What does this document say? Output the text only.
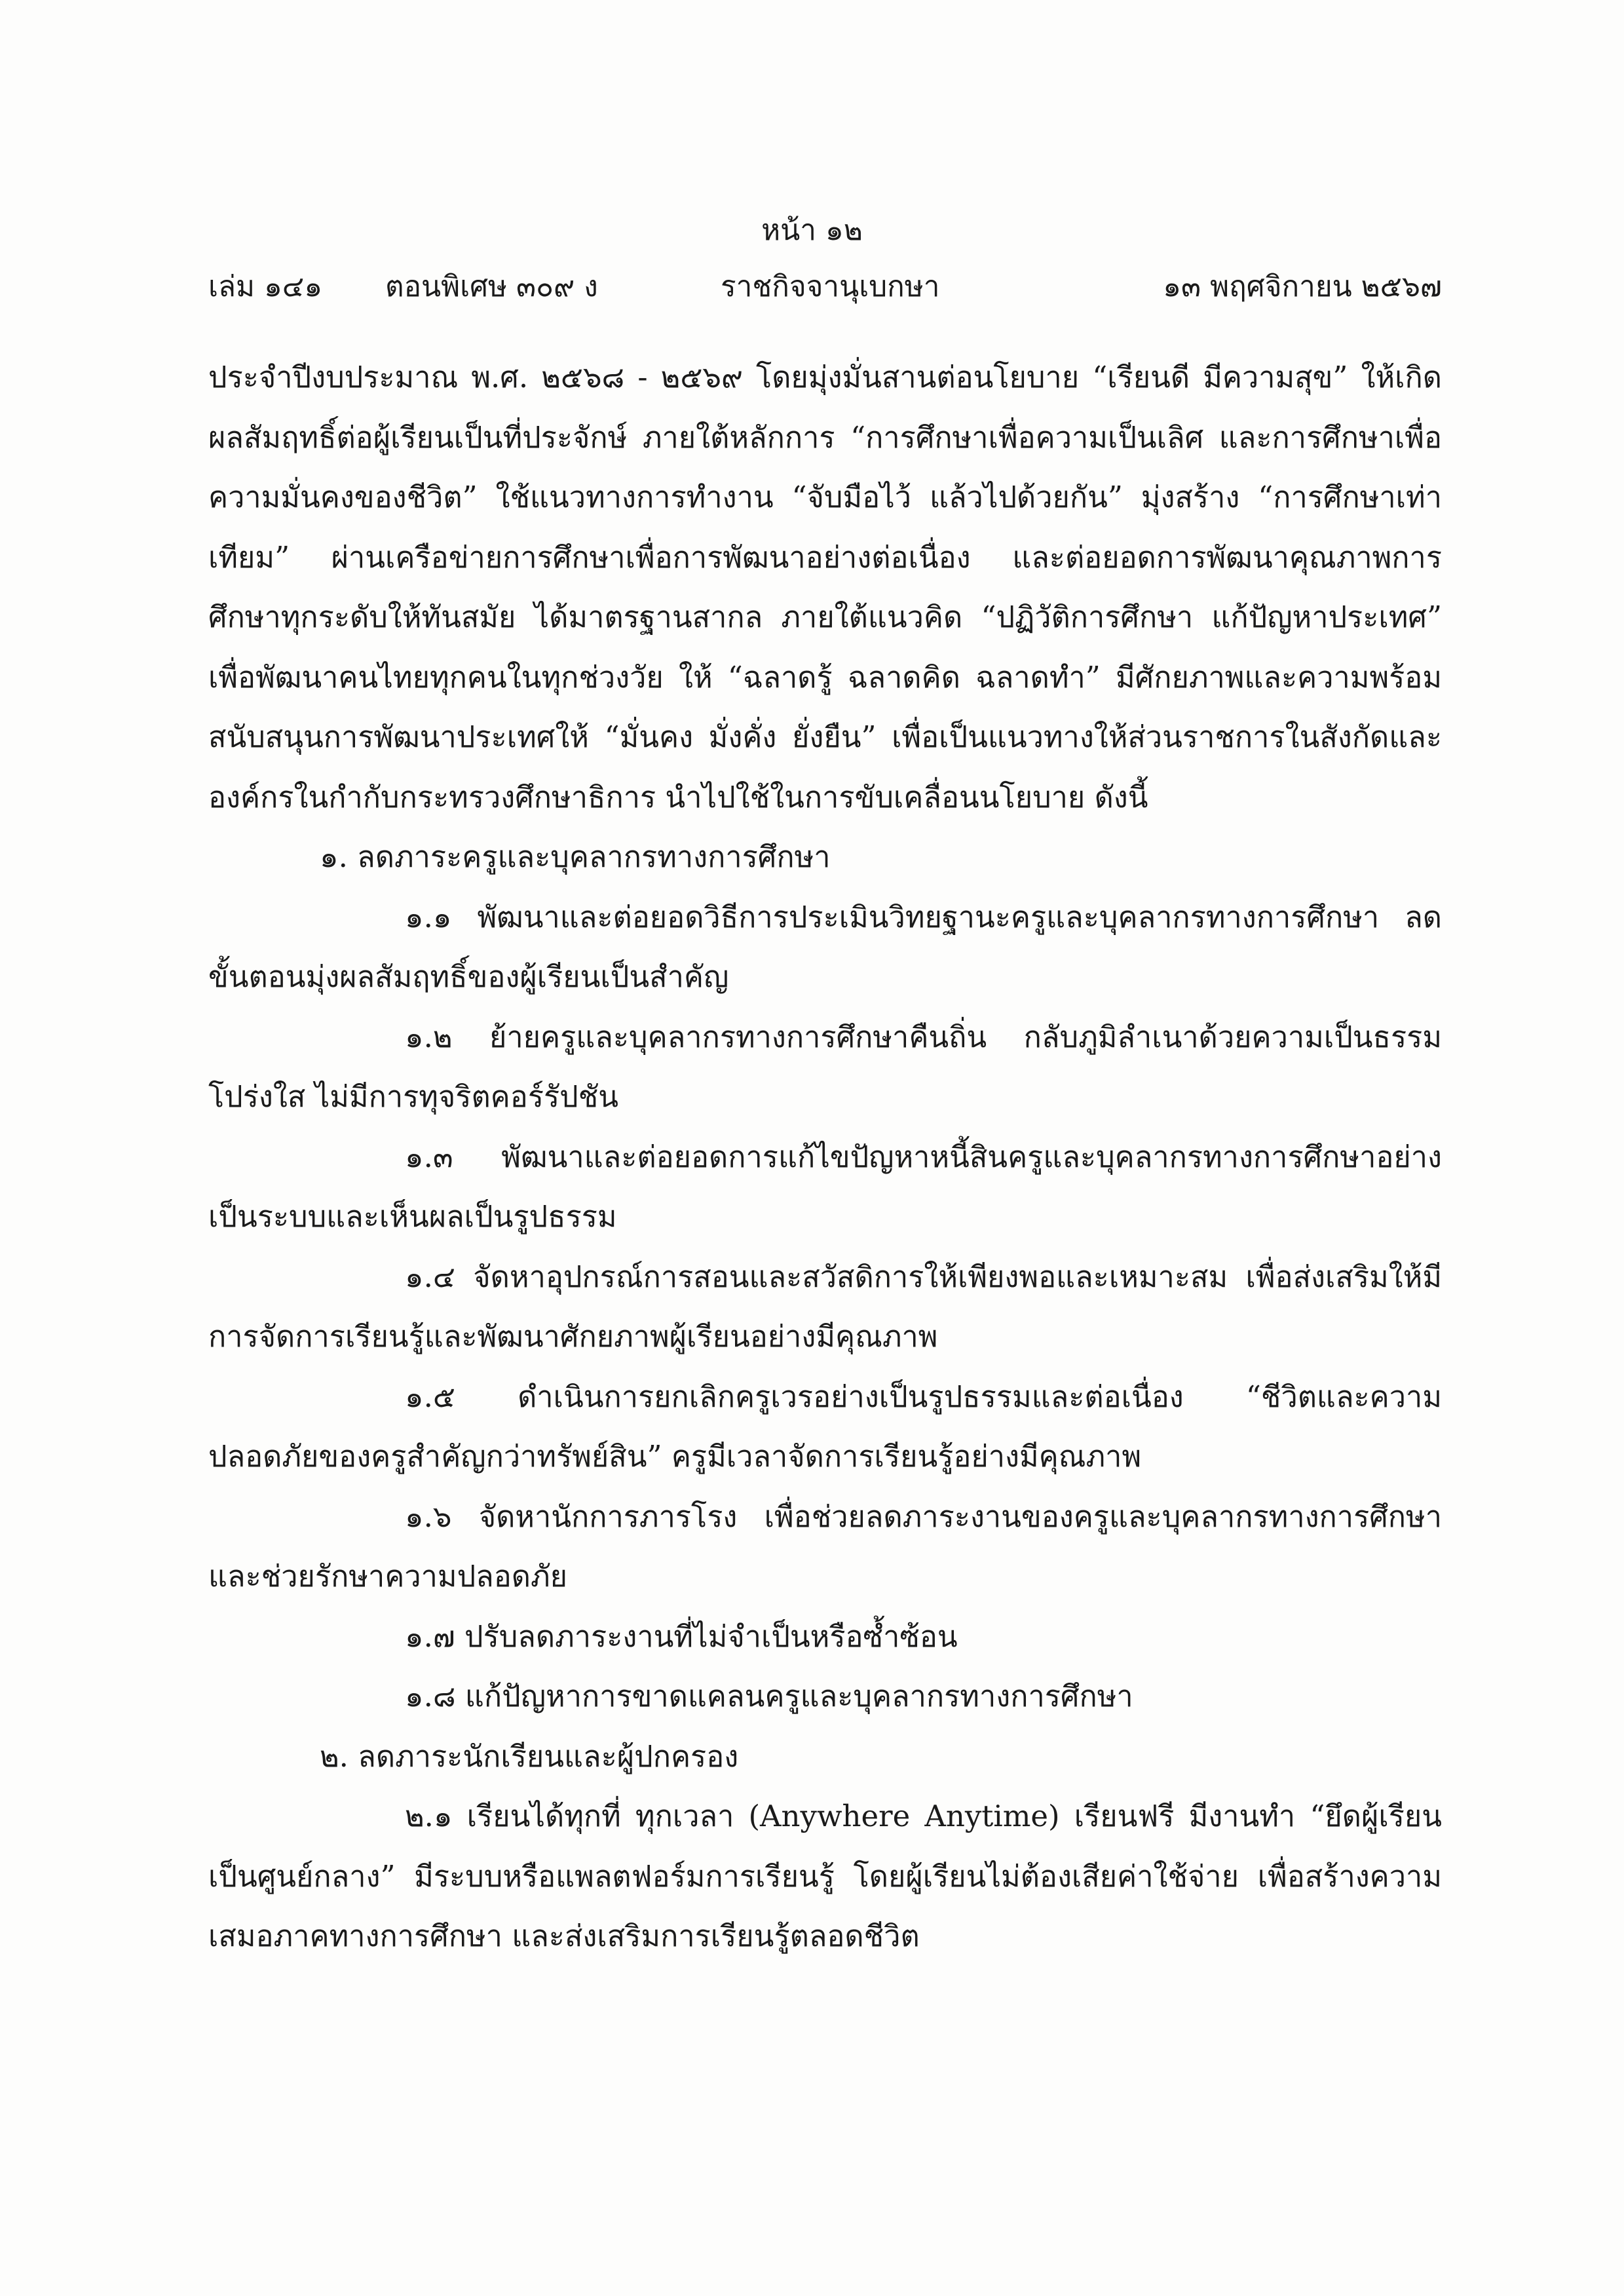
หน้า ๑๒
เล่ม ๑๔๑ ตอนพิเศษ ๓๐๙ ง	ราชกิจจานุเบกษา	๑๓ พฤศจิกายน ๒๕๖๗

ประจำปีงบประมาณ พ.ศ. ๒๕๖๘ - ๒๕๖๙ โดยมุ่งมั่นสานต่อนโยบาย “เรียนดี มีความสุข” ให้เกิดผลสัมฤทธิ์ต่อผู้เรียนเป็นที่ประจักษ์ ภายใต้หลักการ “การศึกษาเพื่อความเป็นเลิศ และการศึกษาเพื่อความมั่นคงของชีวิต” ใช้แนวทางการทำงาน “จับมือไว้ แล้วไปด้วยกัน” มุ่งสร้าง “การศึกษาเท่าเทียม” ผ่านเครือข่ายการศึกษาเพื่อการพัฒนาอย่างต่อเนื่อง และต่อยอดการพัฒนาคุณภาพการศึกษาทุกระดับให้ทันสมัย ได้มาตรฐานสากล ภายใต้แนวคิด “ปฏิวัติการศึกษา แก้ปัญหาประเทศ” เพื่อพัฒนาคนไทยทุกคนในทุกช่วงวัย ให้ “ฉลาดรู้ ฉลาดคิด ฉลาดทำ” มีศักยภาพและความพร้อมสนับสนุนการพัฒนาประเทศให้ “มั่นคง มั่งคั่ง ยั่งยืน” เพื่อเป็นแนวทางให้ส่วนราชการในสังกัดและองค์กรในกำกับกระทรวงศึกษาธิการ นำไปใช้ในการขับเคลื่อนนโยบาย ดังนี้

๑. ลดภาระครูและบุคลากรทางการศึกษา

๑.๑ พัฒนาและต่อยอดวิธีการประเมินวิทยฐานะครูและบุคลากรทางการศึกษา ลดขั้นตอนมุ่งผลสัมฤทธิ์ของผู้เรียนเป็นสำคัญ

๑.๒ ย้ายครูและบุคลากรทางการศึกษาคืนถิ่น กลับภูมิลำเนาด้วยความเป็นธรรมโปร่งใส ไม่มีการทุจริตคอร์รัปชัน

๑.๓ พัฒนาและต่อยอดการแก้ไขปัญหาหนี้สินครูและบุคลากรทางการศึกษาอย่างเป็นระบบและเห็นผลเป็นรูปธรรม

๑.๔ จัดหาอุปกรณ์การสอนและสวัสดิการให้เพียงพอและเหมาะสม เพื่อส่งเสริมให้มีการจัดการเรียนรู้และพัฒนาศักยภาพผู้เรียนอย่างมีคุณภาพ

๑.๕ ดำเนินการยกเลิกครูเวรอย่างเป็นรูปธรรมและต่อเนื่อง “ชีวิตและความปลอดภัยของครูสำคัญกว่าทรัพย์สิน” ครูมีเวลาจัดการเรียนรู้อย่างมีคุณภาพ

๑.๖ จัดหานักการภารโรง เพื่อช่วยลดภาระงานของครูและบุคลากรทางการศึกษาและช่วยรักษาความปลอดภัย

๑.๗ ปรับลดภาระงานที่ไม่จำเป็นหรือซ้ำซ้อน

๑.๘ แก้ปัญหาการขาดแคลนครูและบุคลากรทางการศึกษา

๒. ลดภาระนักเรียนและผู้ปกครอง

๒.๑ เรียนได้ทุกที่ ทุกเวลา (Anywhere Anytime) เรียนฟรี มีงานทำ “ยึดผู้เรียนเป็นศูนย์กลาง” มีระบบหรือแพลตฟอร์มการเรียนรู้ โดยผู้เรียนไม่ต้องเสียค่าใช้จ่าย เพื่อสร้างความเสมอภาคทางการศึกษา และส่งเสริมการเรียนรู้ตลอดชีวิต
